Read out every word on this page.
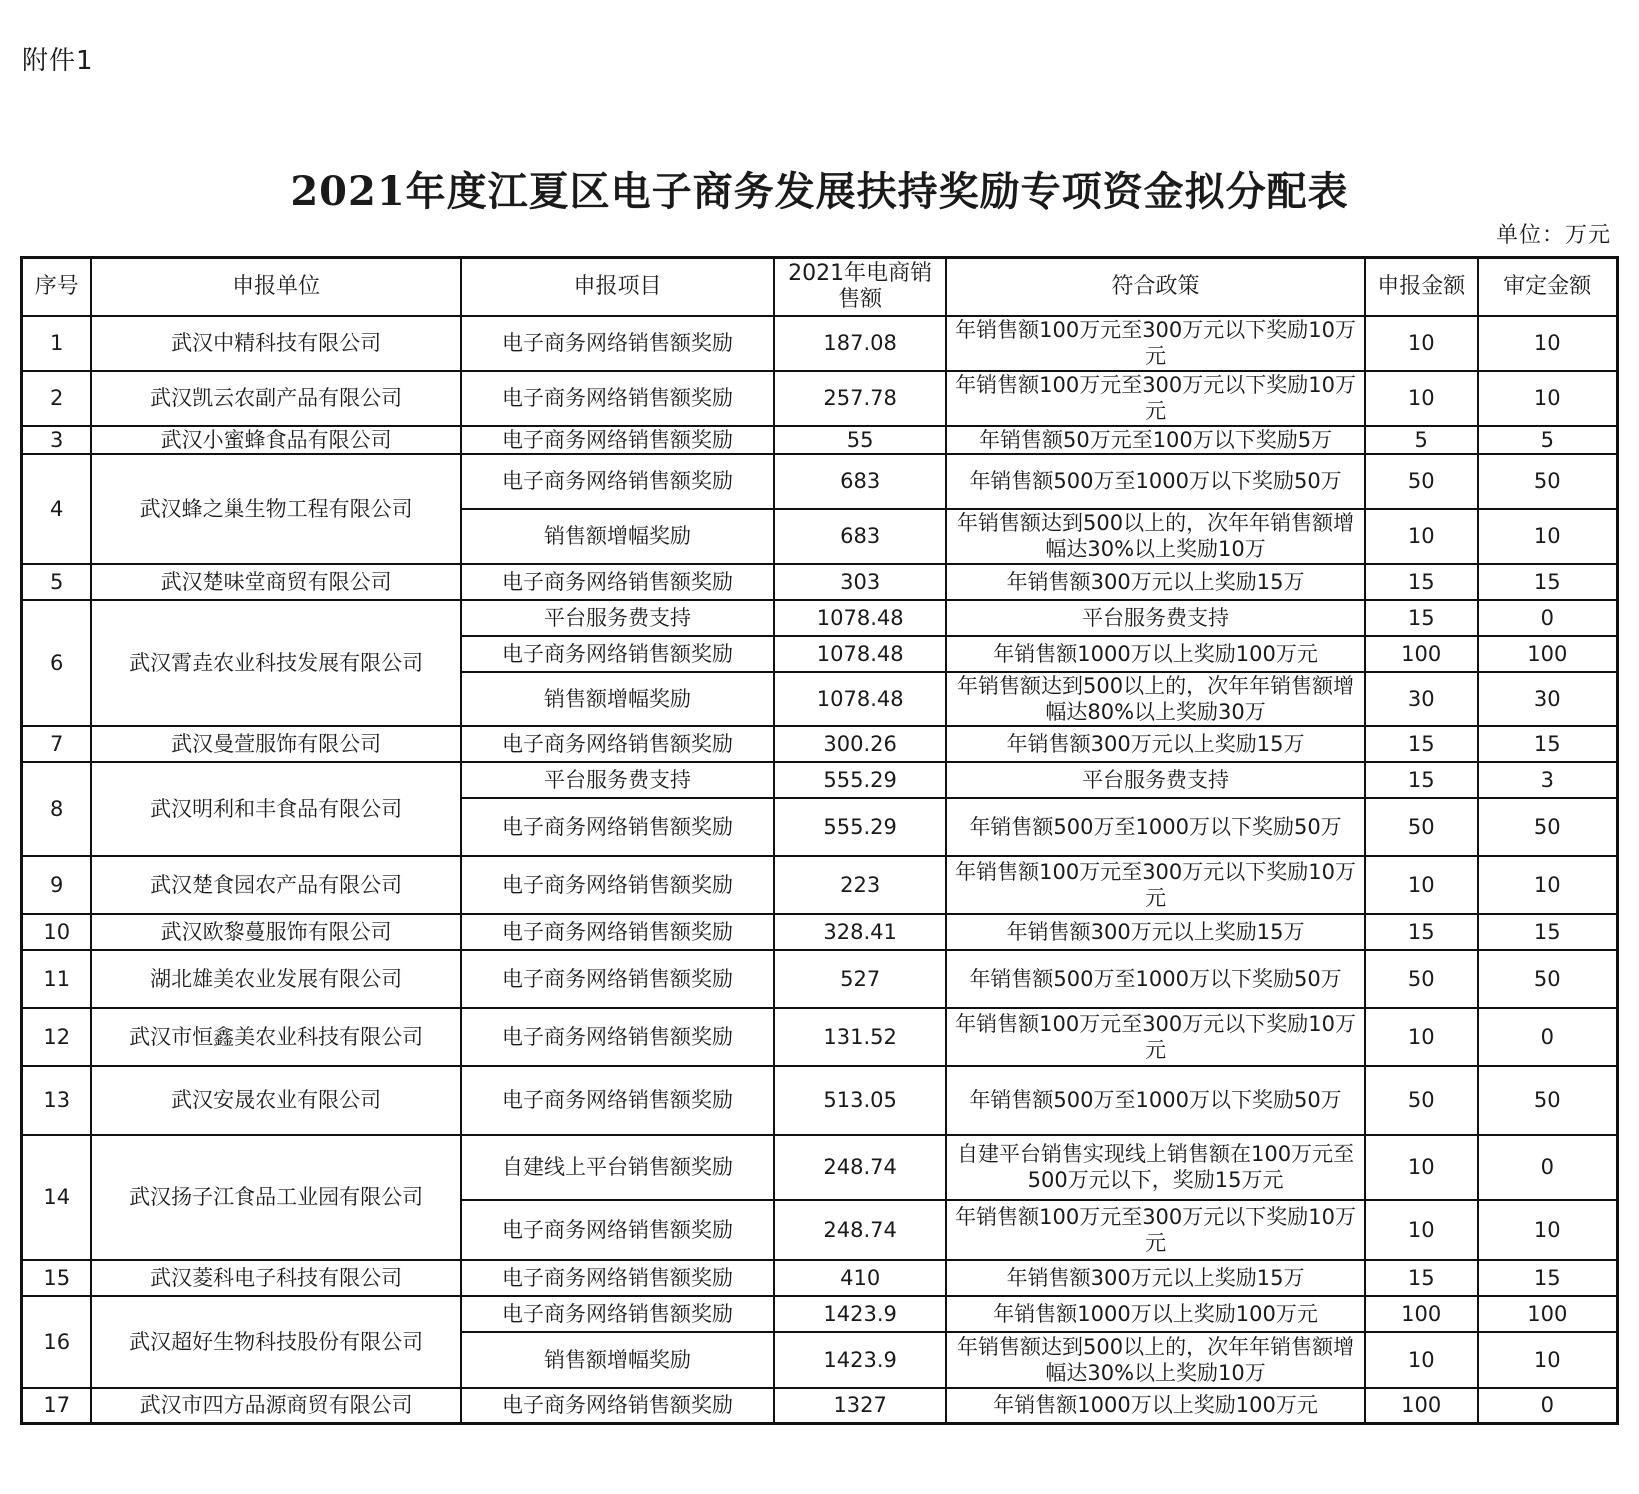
附件1
2021年度江夏区电子商务发展扶持奖励专项资金拟分配表
单位：万元
序号	申报单位	申报项目	2021年电商销售额	符合政策	申报金额	审定金额
1	武汉中精科技有限公司	电子商务网络销售额奖励	187.08	年销售额100万元至300万元以下奖励10万元	10	10
2	武汉凯云农副产品有限公司	电子商务网络销售额奖励	257.78	年销售额100万元至300万元以下奖励10万元	10	10
3	武汉小蜜蜂食品有限公司	电子商务网络销售额奖励	55	年销售额50万元至100万以下奖励5万	5	5
4	武汉蜂之巢生物工程有限公司	电子商务网络销售额奖励	683	年销售额500万至1000万以下奖励50万	50	50
		销售额增幅奖励	683	年销售额达到500以上的，次年年销售额增幅达30%以上奖励10万	10	10
5	武汉楚味堂商贸有限公司	电子商务网络销售额奖励	303	年销售额300万元以上奖励15万	15	15
6	武汉霄垚农业科技发展有限公司	平台服务费支持	1078.48	平台服务费支持	15	0
		电子商务网络销售额奖励	1078.48	年销售额1000万以上奖励100万元	100	100
		销售额增幅奖励	1078.48	年销售额达到500以上的，次年年销售额增幅达80%以上奖励30万	30	30
7	武汉曼萱服饰有限公司	电子商务网络销售额奖励	300.26	年销售额300万元以上奖励15万	15	15
8	武汉明利和丰食品有限公司	平台服务费支持	555.29	平台服务费支持	15	3
		电子商务网络销售额奖励	555.29	年销售额500万至1000万以下奖励50万	50	50
9	武汉楚食园农产品有限公司	电子商务网络销售额奖励	223	年销售额100万元至300万元以下奖励10万元	10	10
10	武汉欧黎蔓服饰有限公司	电子商务网络销售额奖励	328.41	年销售额300万元以上奖励15万	15	15
11	湖北雄美农业发展有限公司	电子商务网络销售额奖励	527	年销售额500万至1000万以下奖励50万	50	50
12	武汉市恒鑫美农业科技有限公司	电子商务网络销售额奖励	131.52	年销售额100万元至300万元以下奖励10万元	10	0
13	武汉安晟农业有限公司	电子商务网络销售额奖励	513.05	年销售额500万至1000万以下奖励50万	50	50
14	武汉扬子江食品工业园有限公司	自建线上平台销售额奖励	248.74	自建平台销售实现线上销售额在100万元至500万元以下，奖励15万元	10	0
		电子商务网络销售额奖励	248.74	年销售额100万元至300万元以下奖励10万元	10	10
15	武汉菱科电子科技有限公司	电子商务网络销售额奖励	410	年销售额300万元以上奖励15万	15	15
16	武汉超好生物科技股份有限公司	电子商务网络销售额奖励	1423.9	年销售额1000万以上奖励100万元	100	100
		销售额增幅奖励	1423.9	年销售额达到500以上的，次年年销售额增幅达30%以上奖励10万	10	10
17	武汉市四方品源商贸有限公司	电子商务网络销售额奖励	1327	年销售额1000万以上奖励100万元	100	0
